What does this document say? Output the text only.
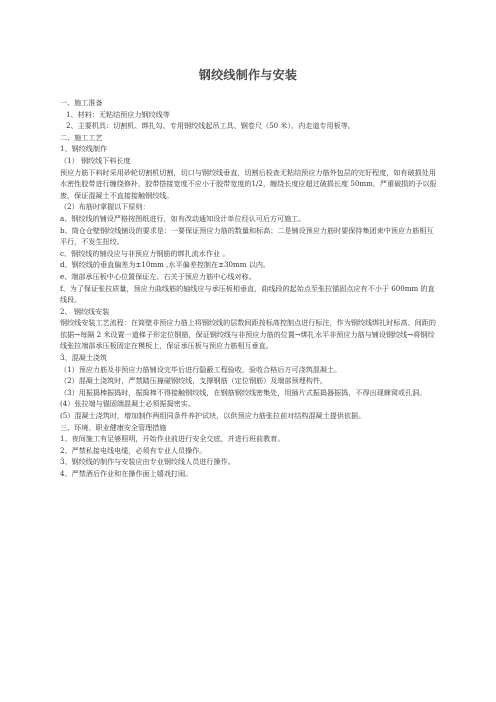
钢绞线制作与安装

一、施工准备

1、材料：无粘结预应力钢绞线等

2、主要机具：切割机、绑扎勾、专用钢绞线起吊工具、钢卷尺（50 米）、内走道专用板等。

二、施工工艺

1、钢绞线制作

（1） 钢绞线下料长度

预应力筋下料时采用砂轮切割机切割，切口与钢绞线垂直，切割后检查无粘结预应力筋外包层的完好程度，如有破损处用水密性胶带进行缠绕修补，胶带搭接宽度不应小于胶带宽度的1/2，缠绕长度应超过破损长度 50mm，严重破损的予以报废，保证混凝土不直接接触钢绞线。

（2）布筋时掌握以下原则：

a、钢绞线的铺设严格按图纸进行，如有改动通知设计单位经认可后方可施工。

b、筒仓仓壁钢绞线铺设的要求是：一要保证预应力筋的数量和标高；二是铺设预应力筋时要保持集团束中预应力筋相互平行，不发生扭绞。

c、钢绞线的铺设应与非预应力钢筋的绑扎流水作业 。

d、钢绞线的垂直偏差为±10mm ,水平偏差控制在±30mm 以内。

e、端部承压板中心位置保证左、右关于预应力筋中心线对称。

f、为了保证张拉质量，预应力曲线筋的轴线应与承压板相垂直，曲线段的起始点至张拉锚固点应有不小于 600mm 的直线段。

2、 钢绞线安装

钢绞线安装工艺流程：在筒壁非预应力筋上将钢绞线的层数间距按标高控制点进行标注，作为钢绞线绑扎时标高、间距的依据→每隔 2 米设置一道梯子形定位钢筋，保证钢绞线与非预应力筋的位置→绑扎水平非预应力筋与铺设钢绞线→将钢绞线张拉端部承压板固定在模板上，保证承压板与预应力筋相互垂直。

3、混凝土浇筑

（1）预应力筋及非预应力筋铺设完毕后进行隐蔽工程验收，验收合格后方可浇筑混凝土。

（2）混凝土浇筑时，严禁踏压撞碰钢绞线，支撑钢筋（定位钢筋）及端部预埋构件。

（3）用振捣棒振捣时，振捣棒不得接触钢绞线，在钢筋钢绞线密集处，用插片式振捣器振捣，不得出现蜂窝或孔洞。

(4）张拉端与锚固端混凝土必须振捣密实。

(5）混凝土浇筑时，增加制作两组同条件养护试块，以供预应力筋张拉前对结构混凝土提供依据。

三、环境、职业健康安全管理措施

1、夜间施工有足够照明，开始作业前进行安全交底，并进行班前教育。

2、严禁私接电线电缆，必须有专业人员操作。

3、钢绞线的制作与安装应由专业钢绞线人员进行操作。

4、严禁酒后作业和在操作面上嬉戏打闹。
